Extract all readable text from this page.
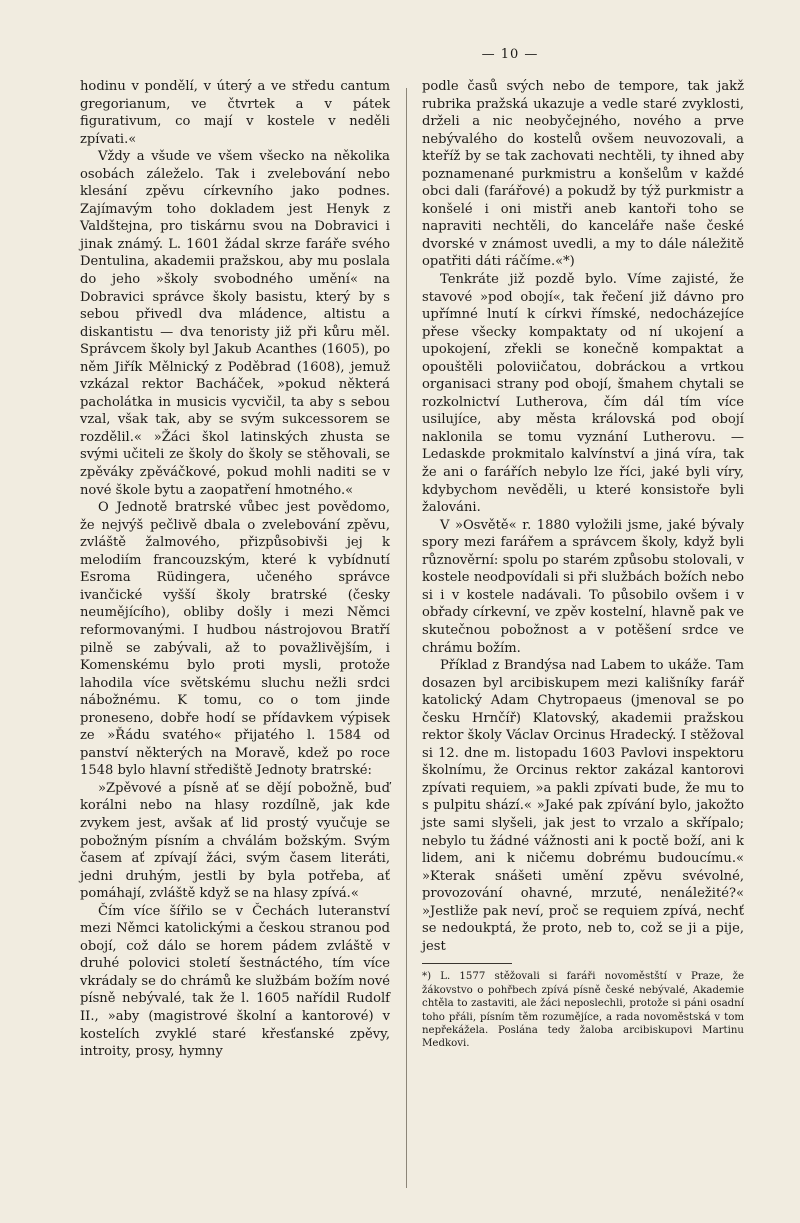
— 10 —

hodinu v pondělí, v úterý a ve středu cantum gregorianum, ve čtvrtek a v pátek figurativum, co mají v kostele v neděli zpívati.«

Vždy a všude ve všem všecko na několika osobách záleželo. Tak i zvelebování nebo klesání zpěvu církevního jako podnes. Zajímavým toho dokladem jest Henyk z Valdštejna, pro tiskárnu svou na Dobravici i jinak známý. L. 1601 žádal skrze faráře svého Dentulina, akademii pražskou, aby mu poslala do jeho »školy svobodného umění« na Dobravici správce školy basistu, který by s sebou přivedl dva mládence, altistu a diskantistu — dva tenoristy již při kůru měl. Správcem školy byl Jakub Acanthes (1605), po něm Jiřík Mělnický z Poděbrad (1608), jemuž vzkázal rektor Bacháček, »pokud některá pacholátka in musicis vycvičil, ta aby s sebou vzal, však tak, aby se svým sukcessorem se rozdělil.« »Žáci škol latinských zhusta se svými učiteli ze školy do školy se stěhovali, se zpěváky zpěváčkové, pokud mohli naditi se v nové škole bytu a zaopatření hmotného.«

O Jednotě bratrské vůbec jest povědomo, že nejvýš pečlivě dbala o zvelebování zpěvu, zvláště žalmového, přizpůsobivši jej k melodiím francouzským, které k vybídnutí Esroma Rüdingera, učeného správce ivančické vyšší školy bratrské (česky neumějícího), obliby došly i mezi Němci reformovanými. I hudbou nástrojovou Bratří pilně se zabývali, až to považlivějším, i Komenskému bylo proti mysli, protože lahodila více světskému sluchu nežli srdci nábožnému. K tomu, co o tom jinde proneseno, dobře hodí se přídavkem výpisek ze »Řádu svatého« přijatého l. 1584 od panství některých na Moravě, kdež po roce 1548 bylo hlavní střediště Jednoty bratrské:

»Zpěvové a písně ať se dějí pobožně, buď korálni nebo na hlasy rozdílně, jak kde zvykem jest, avšak ať lid prostý vyučuje se pobožným písním a chválám božským. Svým časem ať zpívají žáci, svým časem literáti, jedni druhým, jestli by byla potřeba, ať pomáhají, zvláště když se na hlasy zpívá.«

Čím více šířilo se v Čechách luteranství mezi Němci katolickými a českou stranou pod obojí, což dálo se horem pádem zvláště v druhé polovici století šestnáctého, tím více vkrádaly se do chrámů ke službám božím nové písně nebývalé, tak že l. 1605 nařídil Rudolf II., »aby (magistrové školní a kantorové) v kostelích zvyklé staré křesťanské zpěvy, introity, prosy, hymny

podle časů svých nebo de tempore, tak jakž rubrika pražská ukazuje a vedle staré zvyklosti, drželi a nic neobyčejného, nového a prve nebývalého do kostelů ovšem neuvozovali, a kteříž by se tak zachovati nechtěli, ty ihned aby poznamenané purkmistru a konšelům v každé obci dali (farářové) a pokudž by týž purkmistr a konšelé i oni mistři aneb kantoři toho se napraviti nechtěli, do kanceláře naše české dvorské v známost uvedli, a my to dále náležitě opatřiti dáti ráčíme.«*)

Tenkráte již pozdě bylo. Víme zajisté, že stavové »pod obojí«, tak řečení již dávno pro upřímné lnutí k církvi římské, nedocházejíce přese všecky kompaktaty od ní ukojení a upokojení, zřekli se konečně kompaktat a opouštěli poloviičatou, dobráckou a vrtkou organisaci strany pod obojí, šmahem chytali se rozkolnictví Lutherova, čím dál tím více usilujíce, aby města královská pod obojí naklonila se tomu vyznání Lutherovu. — Ledaskde prokmitalo kalvínství a jiná víra, tak že ani o farářích nebylo lze říci, jaké byli víry, kdybychom nevěděli, u které konsistoře byli žalováni.

V »Osvětě« r. 1880 vyložili jsme, jaké bývaly spory mezi farářem a správcem školy, když byli různověrní: spolu po starém způsobu stolovali, v kostele neodpovídali si při službách božích nebo si i v kostele nadávali. To působilo ovšem i v obřady církevní, ve zpěv kostelní, hlavně pak ve skutečnou pobožnost a v potěšení srdce ve chrámu božím.

Příklad z Brandýsa nad Labem to ukáže. Tam dosazen byl arcibiskupem mezi kališníky farář katolický Adam Chytropaeus (jmenoval se po česku Hrnčíř) Klatovský, akademii pražskou rektor školy Václav Orcinus Hradecký. I stěžoval si 12. dne m. listopadu 1603 Pavlovi inspektoru školnímu, že Orcinus rektor zakázal kantorovi zpívati requiem, »a pakli zpívati bude, že mu to s pulpitu shází.« »Jaké pak zpívání bylo, jakožto jste sami slyšeli, jak jest to vrzalo a skřípalo; nebylo tu žádné vážnosti ani k poctě boží, ani k lidem, ani k ničemu dobrému budoucímu.« »Kterak snášeti umění zpěvu svévolné, provozování ohavné, mrzuté, nenáležité?« »Jestliže pak neví, proč se requiem zpívá, nechť se nedoukptá, že proto, neb to, což se ji a pije, jest

*) L. 1577 stěžovali si faráři novoměstští v Praze, že žákovstvo o pohřbech zpívá písně české nebývalé, Akademie chtěla to zastaviti, ale žáci neposlechli, protože si páni osadní toho přáli, písním těm rozumějíce, a rada novoměstská v tom nepřekážela. Poslána tedy žaloba arcibiskupovi Martinu Medkovi.
